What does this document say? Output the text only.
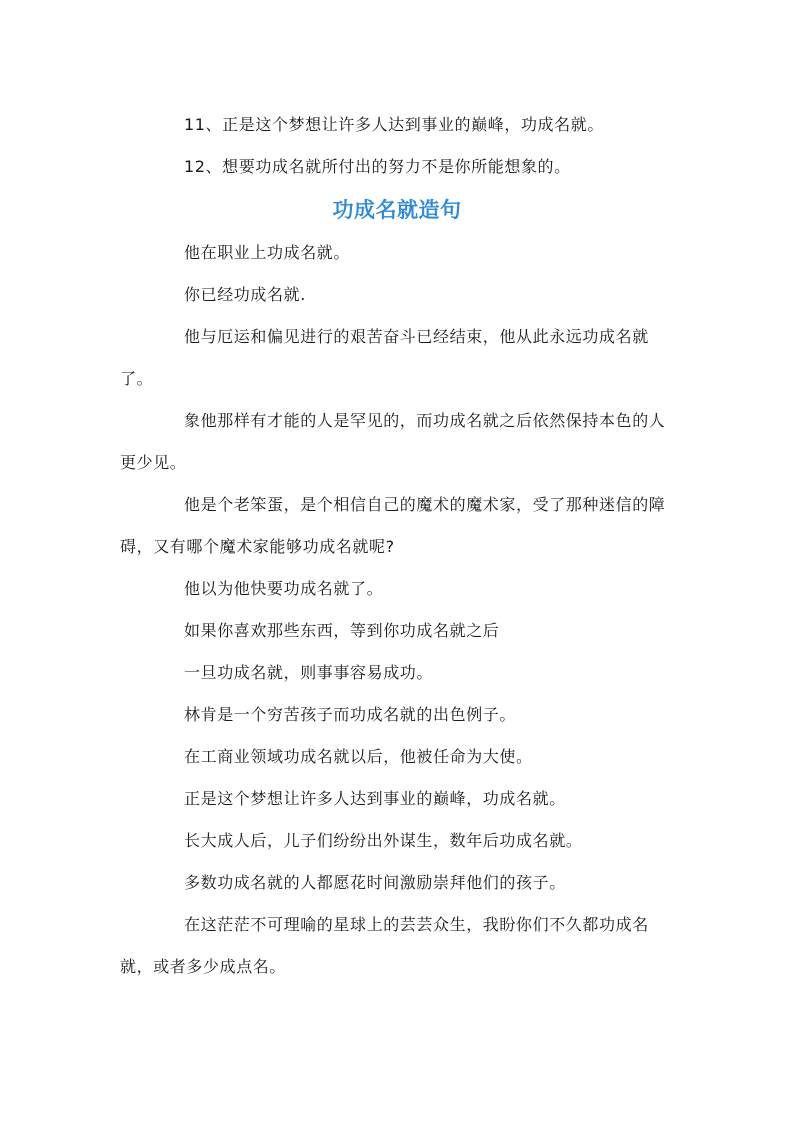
11、正是这个梦想让许多人达到事业的巅峰，功成名就。

12、想要功成名就所付出的努力不是你所能想象的。

功成名就造句

他在职业上功成名就。

你已经功成名就.

他与厄运和偏见进行的艰苦奋斗已经结束，他从此永远功成名就了。

象他那样有才能的人是罕见的，而功成名就之后依然保持本色的人更少见。

他是个老笨蛋，是个相信自己的魔术的魔术家，受了那种迷信的障碍，又有哪个魔术家能够功成名就呢?

他以为他快要功成名就了。

如果你喜欢那些东西，等到你功成名就之后

一旦功成名就，则事事容易成功。

林肯是一个穷苦孩子而功成名就的出色例子。

在工商业领域功成名就以后，他被任命为大使。

正是这个梦想让许多人达到事业的巅峰，功成名就。

长大成人后，儿子们纷纷出外谋生，数年后功成名就。

多数功成名就的人都愿花时间激励崇拜他们的孩子。

在这茫茫不可理喻的星球上的芸芸众生，我盼你们不久都功成名就，或者多少成点名。
